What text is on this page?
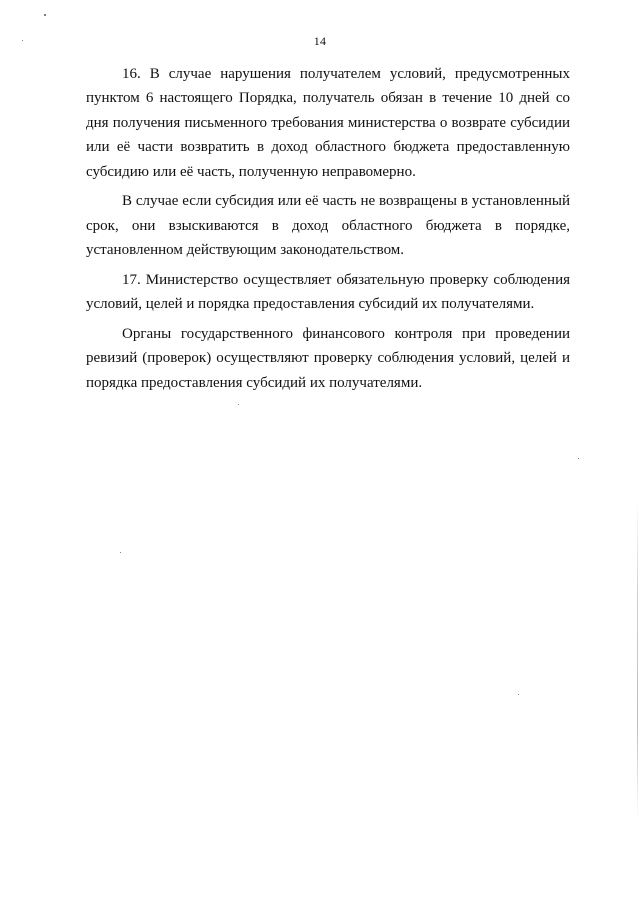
14

16. В случае нарушения получателем условий, предусмотренных пунктом 6 настоящего Порядка, получатель обязан в течение 10 дней со дня получения письменного требования министерства о возврате субсидии или её части возвратить в доход областного бюджета предоставленную субсидию или её часть, полученную неправомерно.

В случае если субсидия или её часть не возвращены в установленный срок, они взыскиваются в доход областного бюджета в порядке, установленном действующим законодательством.

17. Министерство осуществляет обязательную проверку соблюдения условий, целей и порядка предоставления субсидий их получателями.

Органы государственного финансового контроля при проведении ревизий (проверок) осуществляют проверку соблюдения условий, целей и порядка предоставления субсидий их получателями.
